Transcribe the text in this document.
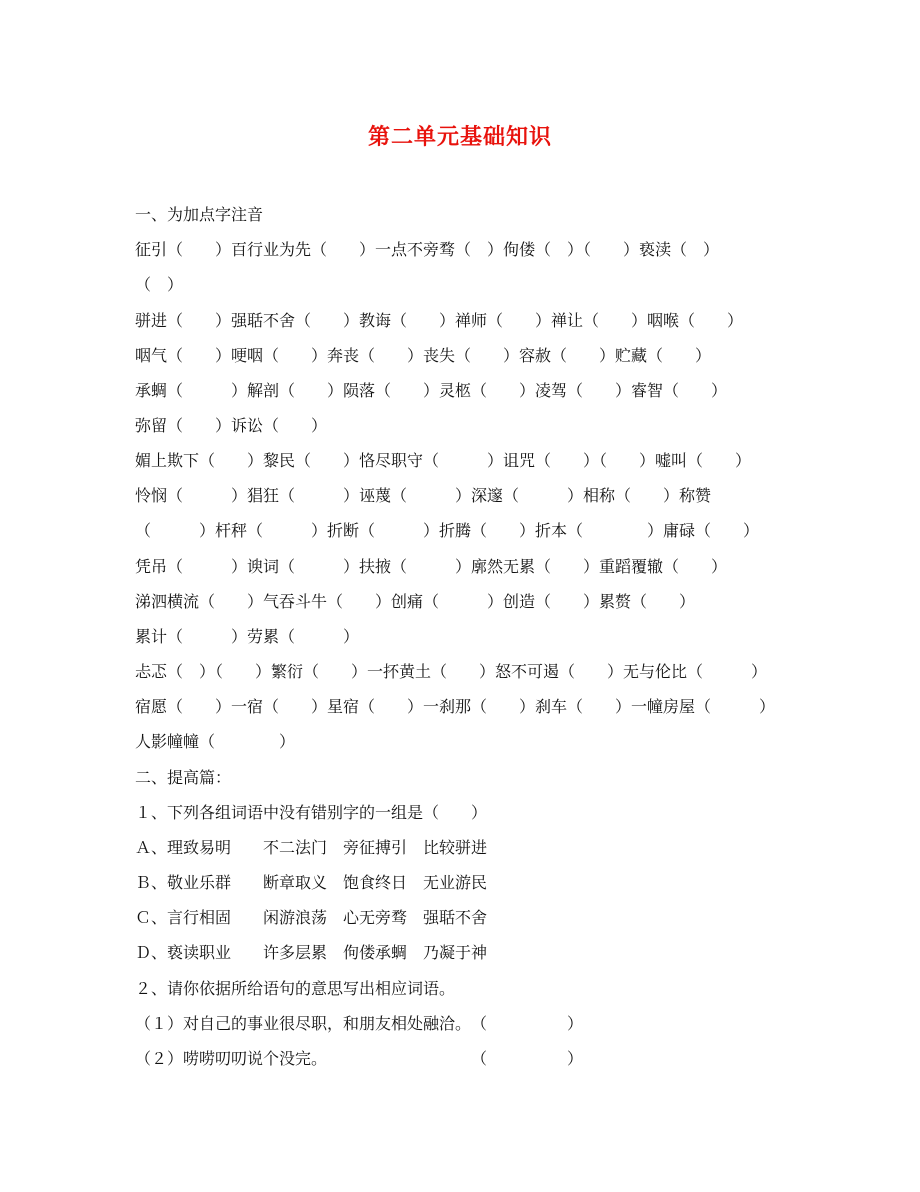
第二单元基础知识
一、为加点字注音
征引（　　）百行业为先（　　）一点不旁骛（　）佝偻（　）（　　）亵渎（　）
（　）
骈进（　　）强聒不舍（　　）教诲（　　）禅师（　　）禅让（　　）咽喉（　　）
咽气（　　）哽咽（　　）奔丧（　　）丧失（　　）容赦（　　）贮藏（　　）
承蜩（　　　）解剖（　　）陨落（　　）灵柩（　　）凌驾（　　）睿智（　　）
弥留（　　）诉讼（　　）
媚上欺下（　　）黎民（　　）恪尽职守（　　　）诅咒（　　）（　　）嘘叫（　　）
怜悯（　　　）猖狂（　　　）诬蔑（　　　）深邃（　　　）相称（　　）称赞
（　　　）杆秤（　　　）折断（　　　）折腾（　　）折本（　　　　）庸碌（　　）
凭吊（　　　）谀词（　　　）扶掖（　　　）廓然无累（　　）重蹈覆辙（　　）
涕泗横流（　　）气吞斗牛（　　）创痛（　　　）创造（　　）累赘（　　）
累计（　　　）劳累（　　　）
忐忑（　）（　　）繁衍（　　）一抔黄土（　　）怒不可遏（　　）无与伦比（　　　）
宿愿（　　）一宿（　　）星宿（　　）一刹那（　　）刹车（　　）一幢房屋（　　　）
人影幢幢（　　　　）
二、提高篇：
１、下列各组词语中没有错别字的一组是（　　）
Ａ、理致易明　　不二法门　旁征搏引　比较骈进
Ｂ、敬业乐群　　断章取义　饱食终日　无业游民
Ｃ、言行相固　　闲游浪荡　心无旁骛　强聒不舍
Ｄ、亵读职业　　许多层累　佝偻承蜩　乃凝于神
２、请你依据所给语句的意思写出相应词语。
（１）对自己的事业很尽职，和朋友相处融洽。　（　　　　　）
（２）唠唠叨叨说个没完。　　　　　　　　　　（　　　　　）
